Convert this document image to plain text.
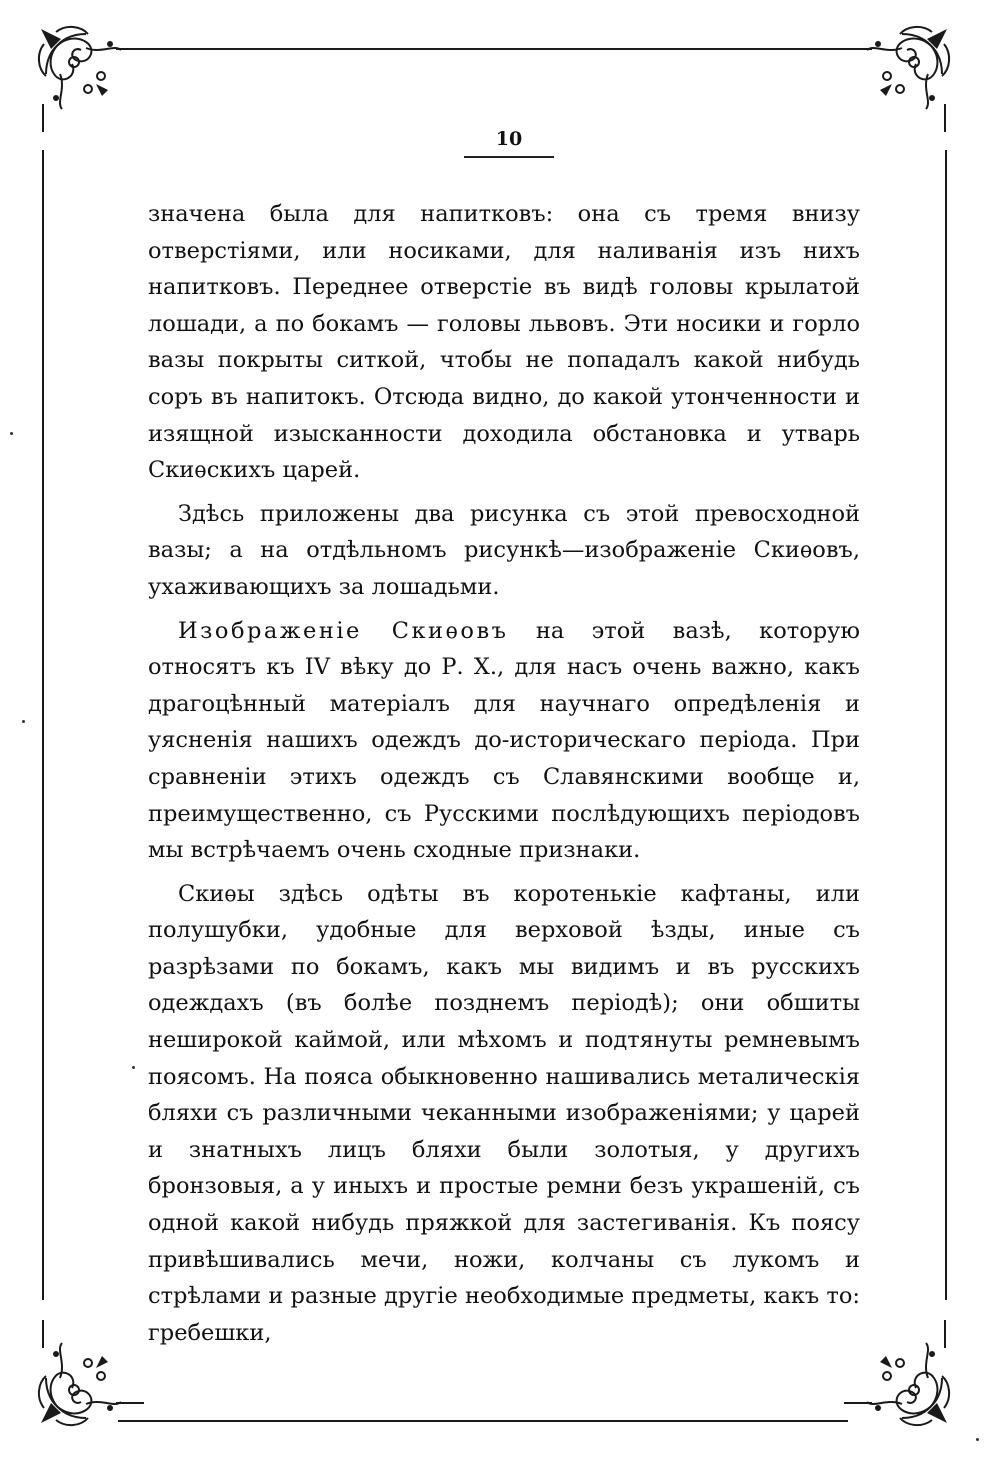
10

значена была для напитковъ: она съ тремя внизу отверстіями, или носиками, для наливанія изъ нихъ напитковъ. Переднее отверстіе въ видѣ головы крылатой лошади, а по бокамъ — головы львовъ. Эти носики и горло вазы покрыты ситкой, чтобы не попадалъ какой нибудь соръ въ напитокъ. Отсюда видно, до какой утонченности и изящной изысканности доходила обстановка и утварь Скиѳскихъ царей.

Здѣсь приложены два рисунка съ этой превосходной вазы; а на отдѣльномъ рисункѣ—изображеніе Скиѳовъ, ухаживающихъ за лошадьми.

Изображеніе Скиѳовъ на этой вазѣ, которую относятъ къ IV вѣку до Р. X., для насъ очень важно, какъ драгоцѣнный матеріалъ для научнаго опредѣленія и уясненія нашихъ одеждъ до-историческаго періода. При сравненіи этихъ одеждъ съ Славянскими вообще и, преимущественно, съ Русскими послѣдующихъ періодовъ мы встрѣчаемъ очень сходные признаки.

Скиѳы здѣсь одѣты въ коротенькіе кафтаны, или полушубки, удобные для верховой ѣзды, иные съ разрѣзами по бокамъ, какъ мы видимъ и въ русскихъ одеждахъ (въ болѣе позднемъ періодѣ); они обшиты неширокой каймой, или мѣхомъ и подтянуты ремневымъ поясомъ. На пояса обыкновенно нашивались металическія бляхи съ различными чеканными изображеніями; у царей и знатныхъ лицъ бляхи были золотыя, у другихъ бронзовыя, а у иныхъ и простые ремни безъ украшеній, съ одной какой нибудь пряжкой для застегиванія. Къ поясу привѣшивались мечи, ножи, колчаны съ лукомъ и стрѣлами и разные другіе необходимые предметы, какъ то: гребешки,
